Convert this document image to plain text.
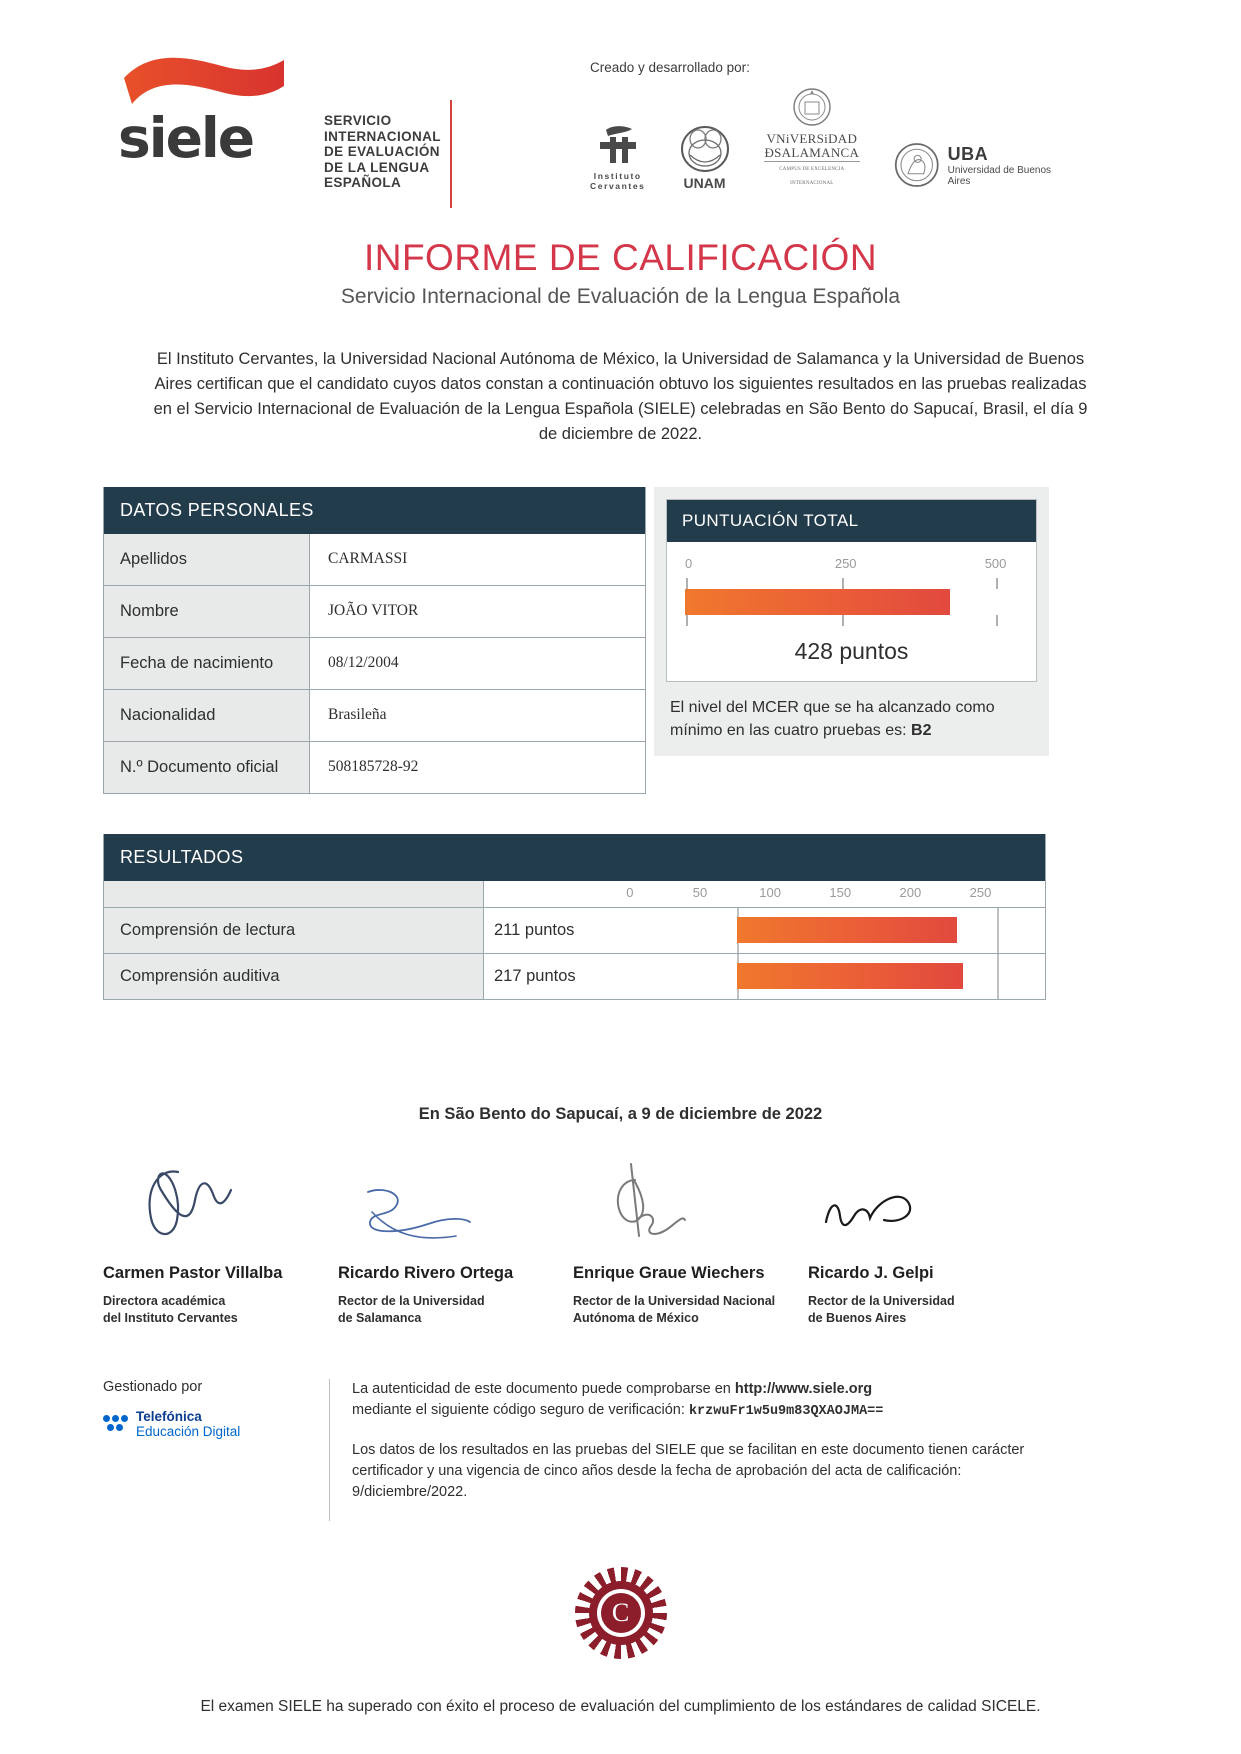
siele	SERVICIO
INTERNACIONAL
DE EVALUACIÓN
DE LA LENGUA
ESPAÑOLA
Creado y desarrollado por:
Instituto
Cervantes	UNAM
VNiVERSiDAD
ÐSALAMANCA
CAMPUS DE EXCELENCIA INTERNACIONAL
UBA
Universidad de Buenos Aires
INFORME DE CALIFICACIÓN
Servicio Internacional de Evaluación de la Lengua Española
El Instituto Cervantes, la Universidad Nacional Autónoma de México, la Universidad de Salamanca y la Universidad de Buenos Aires certifican que el candidato cuyos datos constan a continuación obtuvo los siguientes resultados en las pruebas realizadas en el Servicio Internacional de Evaluación de la Lengua Española (SIELE) celebradas en São Bento do Sapucaí, Brasil, el día 9 de diciembre de 2022.
DATOS PERSONALES
Apellidos	CARMASSI
Nombre	JOÃO VITOR
Fecha de nacimiento	08/12/2004
Nacionalidad	Brasileña
N.º Documento oficial	508185728-92
PUNTUACIÓN TOTAL
0	250	500
428 puntos
El nivel del MCER que se ha alcanzado como mínimo en las cuatro pruebas es: B2
RESULTADOS
0	50	100	150	200	250
Comprensión de lectura	211 puntos
Comprensión auditiva	217 puntos
En São Bento do Sapucaí, a 9 de diciembre de 2022
Carmen Pastor Villalba
Directora académica
del Instituto Cervantes
Ricardo Rivero Ortega
Rector de la Universidad
de Salamanca
Enrique Graue Wiechers
Rector de la Universidad Nacional
Autónoma de México
Ricardo J. Gelpi
Rector de la Universidad
de Buenos Aires
Gestionado por
Telefónica
Educación Digital
La autenticidad de este documento puede comprobarse en http://www.siele.org
mediante el siguiente código seguro de verificación: krzwuFr1w5u9m83QXAOJMA==
Los datos de los resultados en las pruebas del SIELE que se facilitan en este documento tienen carácter certificador y una vigencia de cinco años desde la fecha de aprobación del acta de calificación: 9/diciembre/2022.
C
El examen SIELE ha superado con éxito el proceso de evaluación del cumplimiento de los estándares de calidad SICELE.
